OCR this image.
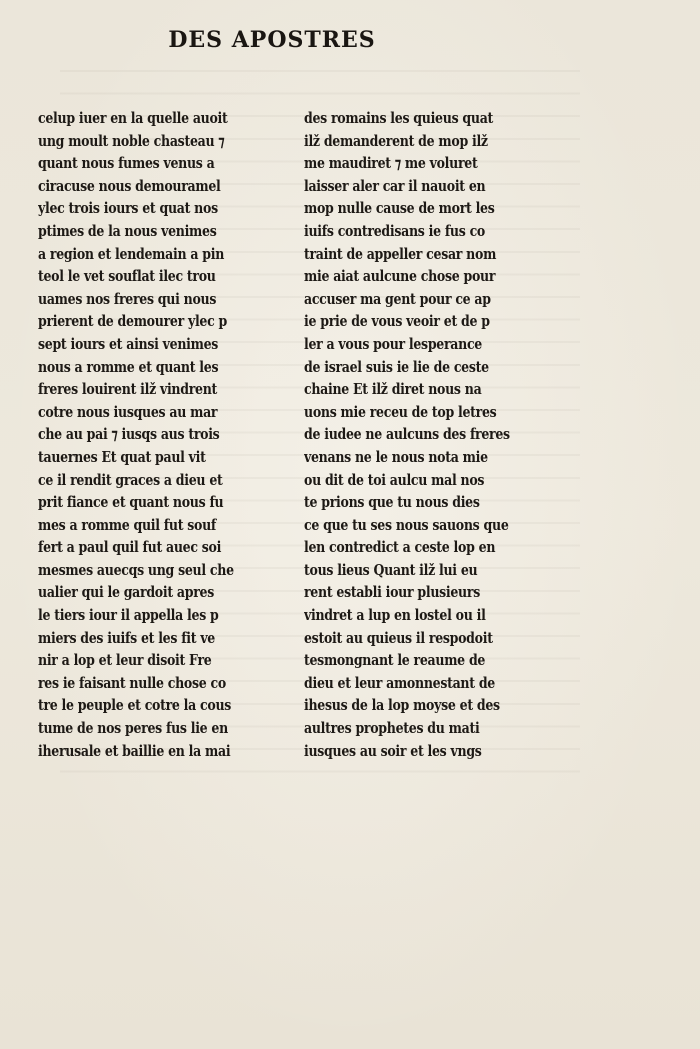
DES APOSTRES
celup iuer en la quelle auoit
ung moult noble chasteau ⁊
quant nous fumes venus a
ciracuse nous demouramel
ylec trois iours et quat nos
ptimes de la nous venimes
a region et lendemain a pin
teol le vet souflat ilec trou
uames nos freres qui nous
prierent de demourer ylec p
sept iours et ainsi venimes
nous a romme et quant les
freres louirent ilž vindrent
cotre nous iusques au mar
che au pai ⁊ iusqs aus trois
tauernes Et quat paul vit
ce il rendit graces a dieu et
prit fiance et quant nous fu
mes a romme quil fut souf
fert a paul quil fut auec soi
mesmes auecqs ung seul che
ualier qui le gardoit apres
le tiers iour il appella les p
miers des iuifs et les fit ve
nir a lop et leur disoit Fre
res ie faisant nulle chose co
tre le peuple et cotre la cous
tume de nos peres fus lie en
iherusale et baillie en la mai
des romains les quieus quat
ilž demanderent de mop ilž
me maudiret ⁊ me voluret
laisser aler car il nauoit en
mop nulle cause de mort les
iuifs contredisans ie fus co
traint de appeller cesar nom
mie aiat aulcune chose pour
accuser ma gent pour ce ap
ie prie de vous veoir et de p
ler a vous pour lesperance
de israel suis ie lie de ceste
chaine Et ilž diret nous na
uons mie receu de top letres
de iudee ne aulcuns des freres
venans ne le nous nota mie
ou dit de toi aulcu mal nos
te prions que tu nous dies
ce que tu ses nous sauons que
len contredict a ceste lop en
tous lieus Quant ilž lui eu
rent establi iour plusieurs
vindret a lup en lostel ou il
estoit au quieus il respodoit
tesmongnant le reaume de
dieu et leur amonnestant de
ihesus de la lop moyse et des
aultres prophetes du mati
iusques au soir et les vngs
